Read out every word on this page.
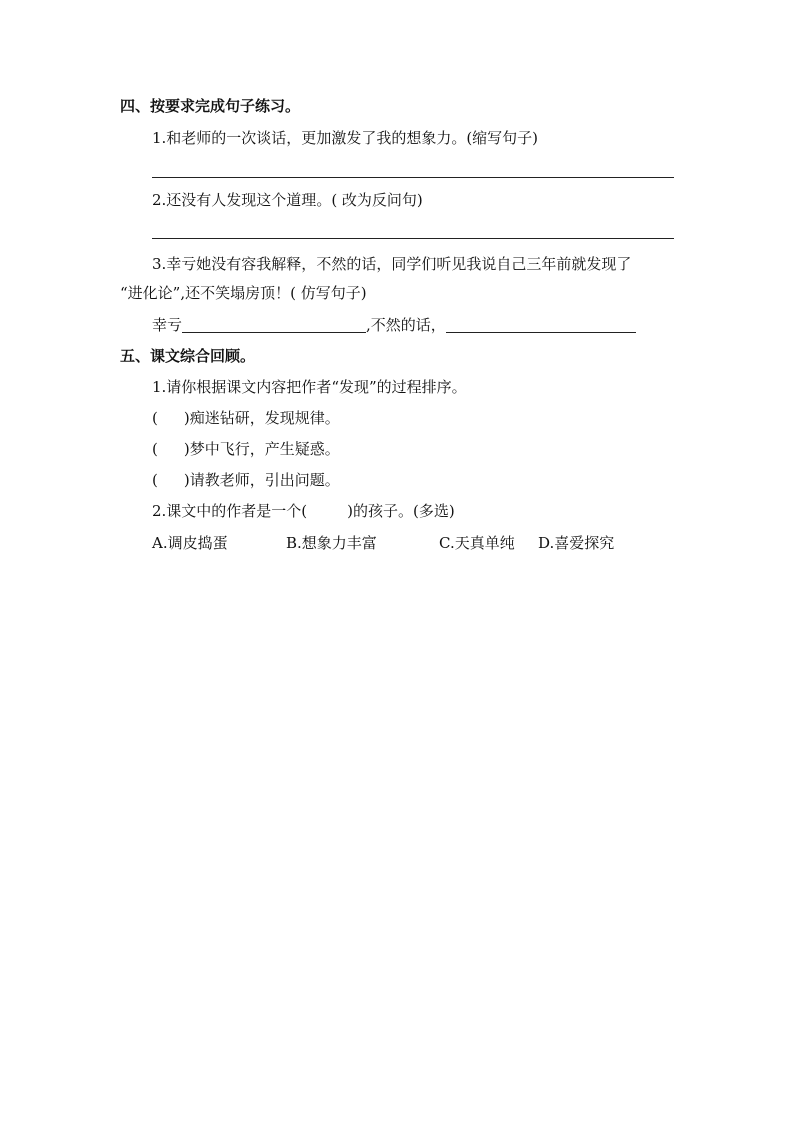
四、按要求完成句子练习。
1.和老师的一次谈话，更加激发了我的想象力。(缩写句子)
2.还没有人发现这个道理。( 改为反问句)
3.幸亏她没有容我解释，不然的话，同学们听见我说自己三年前就发现了
“进化论”,还不笑塌房顶！( 仿写句子)
幸亏	,不然的话，
五、课文综合回顾。
1.请你根据课文内容把作者“发现”的过程排序。
( )痴迷钻研，发现规律。
( )梦中飞行，产生疑惑。
( )请教老师，引出问题。
2.课文中的作者是一个(	)的孩子。(多选)
A.调皮捣蛋	B.想象力丰富	C.天真单纯 D.喜爱探究
